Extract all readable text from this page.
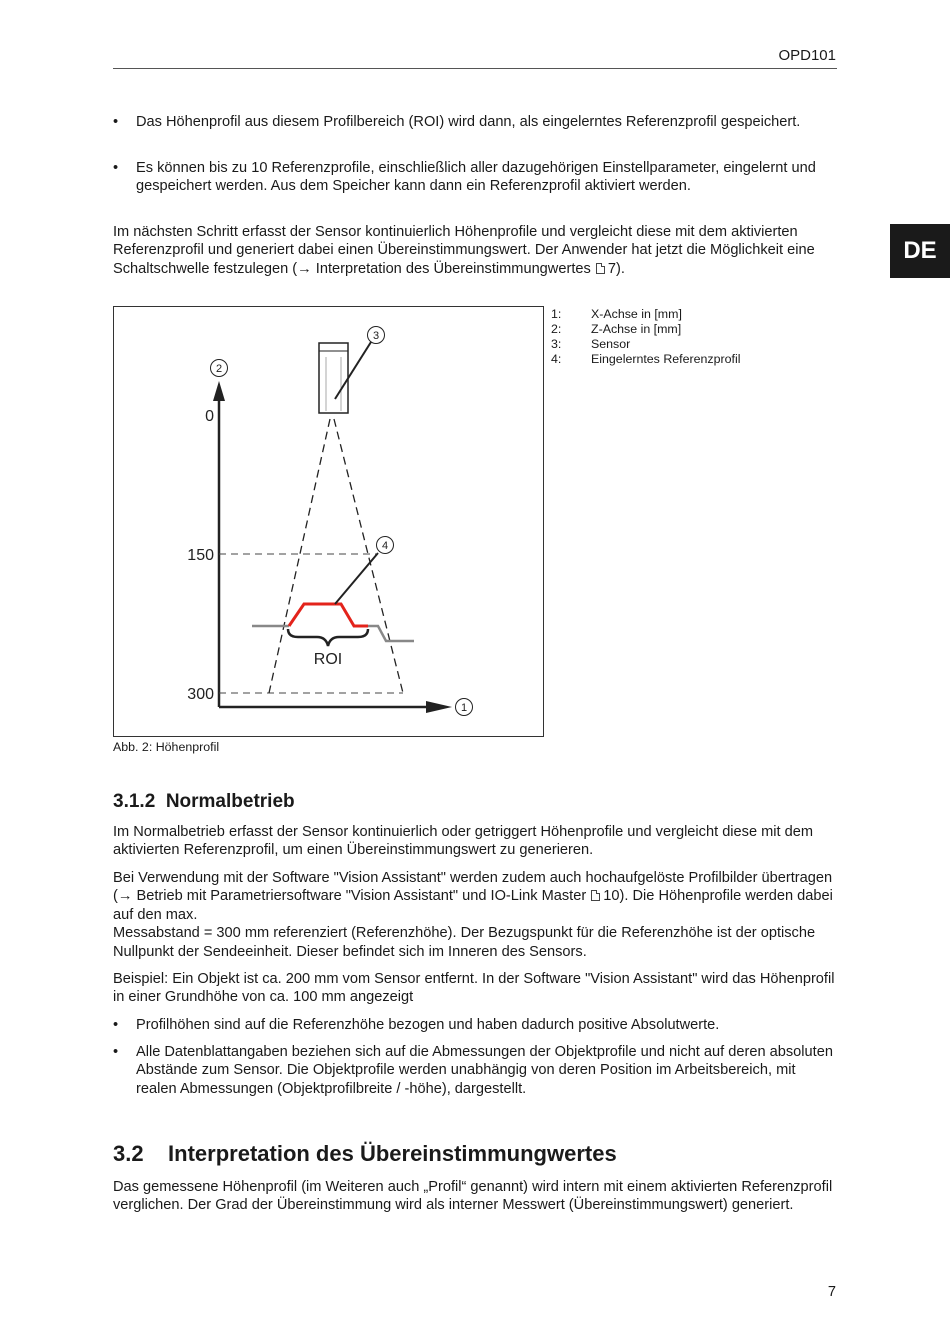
OPD101
DE
• Das Höhenprofil aus diesem Profilbereich (ROI) wird dann, als eingelerntes Referenzprofil gespeichert.
• Es können bis zu 10 Referenzprofile, einschließlich aller dazugehörigen Einstellparameter, eingelernt und gespeichert werden. Aus dem Speicher kann dann ein Referenzprofil aktiviert werden.
Im nächsten Schritt erfasst der Sensor kontinuierlich Höhenprofile und vergleicht diese mit dem aktivierten Referenzprofil und generiert dabei einen Übereinstimmungswert. Der Anwender hat jetzt die Möglichkeit eine Schaltschwelle festzulegen (→ Interpretation des Übereinstimmungwertes 7).
0
150
300
ROI
1
2
3
4
1: X-Achse in [mm]
2: Z-Achse in [mm]
3: Sensor
4: Eingelerntes Referenzprofil
Abb. 2: Höhenprofil
3.1.2  Normalbetrieb
Im Normalbetrieb erfasst der Sensor kontinuierlich oder getriggert Höhenprofile und vergleicht diese mit dem aktivierten Referenzprofil, um einen Übereinstimmungswert zu generieren.
Bei Verwendung mit der Software "Vision Assistant" werden zudem auch hochaufgelöste Profilbilder übertragen (→ Betrieb mit Parametriersoftware "Vision Assistant" und IO-Link Master 10). Die Höhenprofile werden dabei auf den max.
Messabstand = 300 mm referenziert (Referenzhöhe). Der Bezugspunkt für die Referenzhöhe ist der optische Nullpunkt der Sendeeinheit. Dieser befindet sich im Inneren des Sensors.
Beispiel: Ein Objekt ist ca. 200 mm vom Sensor entfernt. In der Software "Vision Assistant" wird das Höhenprofil in einer Grundhöhe von ca. 100 mm angezeigt
• Profilhöhen sind auf die Referenzhöhe bezogen und haben dadurch positive Absolutwerte.
• Alle Datenblattangaben beziehen sich auf die Abmessungen der Objektprofile und nicht auf deren absoluten Abstände zum Sensor. Die Objektprofile werden unabhängig von deren Position im Arbeitsbereich, mit realen Abmessungen (Objektprofilbreite / -höhe), dargestellt.
3.2    Interpretation des Übereinstimmungwertes
Das gemessene Höhenprofil (im Weiteren auch „Profil“ genannt) wird intern mit einem aktivierten Referenzprofil verglichen. Der Grad der Übereinstimmung wird als interner Messwert (Übereinstimmungswert) generiert.
7
